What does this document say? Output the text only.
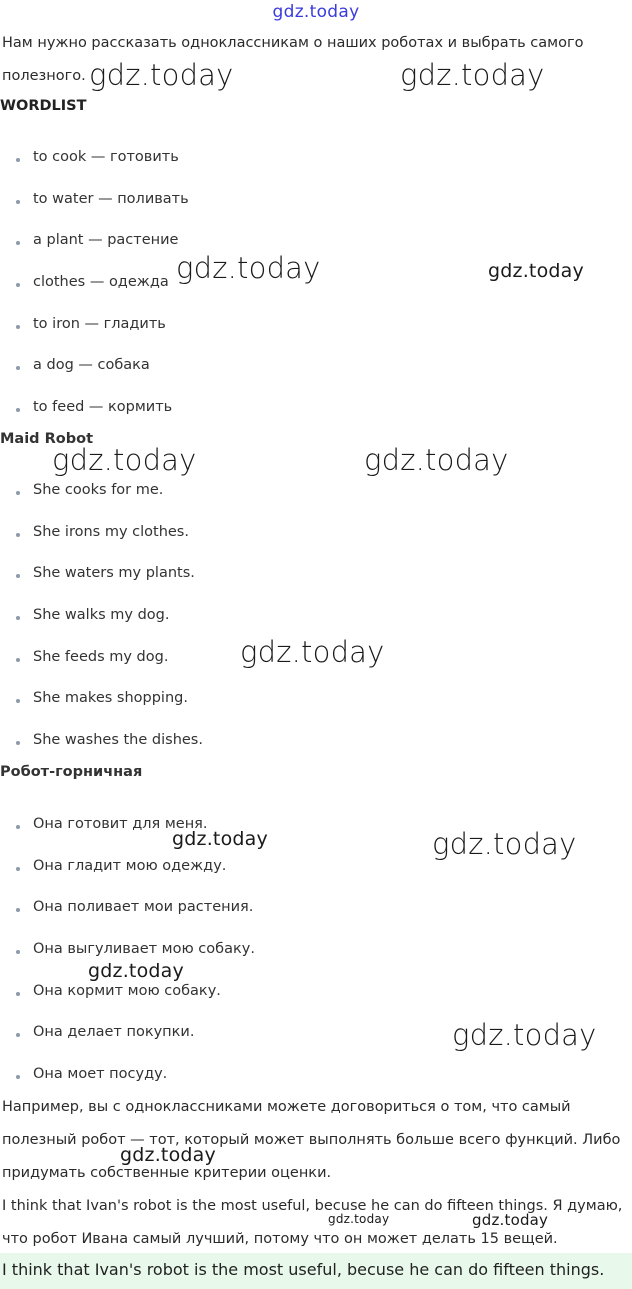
gdz.today

Нам нужно рассказать одноклассникам о наших роботах и выбрать самого полезного.

WORDLIST
to cook — готовить
to water — поливать
a plant — растение
clothes — одежда
to iron — гладить
a dog — собака
to feed — кормить
Maid Robot
She cooks for me.
She irons my clothes.
She waters my plants.
She walks my dog.
She feeds my dog.
She makes shopping.
She washes the dishes.
Робот-горничная
Она готовит для меня.
Она гладит мою одежду.
Она поливает мои растения.
Она выгуливает мою собаку.
Она кормит мою собаку.
Она делает покупки.
Она моет посуду.

Например, вы с одноклассниками можете договориться о том, что самый полезный робот — тот, который может выполнять больше всего функций. Либо придумать собственные критерии оценки.

I think that Ivan's robot is the most useful, becuse he can do fifteen things. Я думаю, что робот Ивана самый лучший, потому что он может делать 15 вещей.

I think that Ivan's robot is the most useful, becuse he can do fifteen things.
gdz.today	gdz.today
gdz.today	gdz.today
gdz.today	gdz.today
gdz.today
gdz.today	gdz.today
gdz.today
gdz.today
gdz.today
gdz.today	gdz.today
